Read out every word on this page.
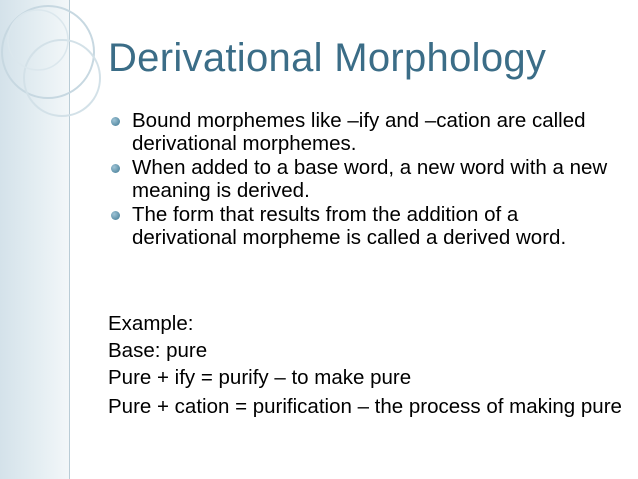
Derivational Morphology
Bound morphemes like –ify and –cation are called derivational morphemes.
When added to a base word, a new word with a new meaning is derived.
The form that results from the addition of a derivational morpheme is called a derived word.
Example:
Base: pure
Pure + ify = purify – to make pure
Pure + cation = purification – the process of making pure
